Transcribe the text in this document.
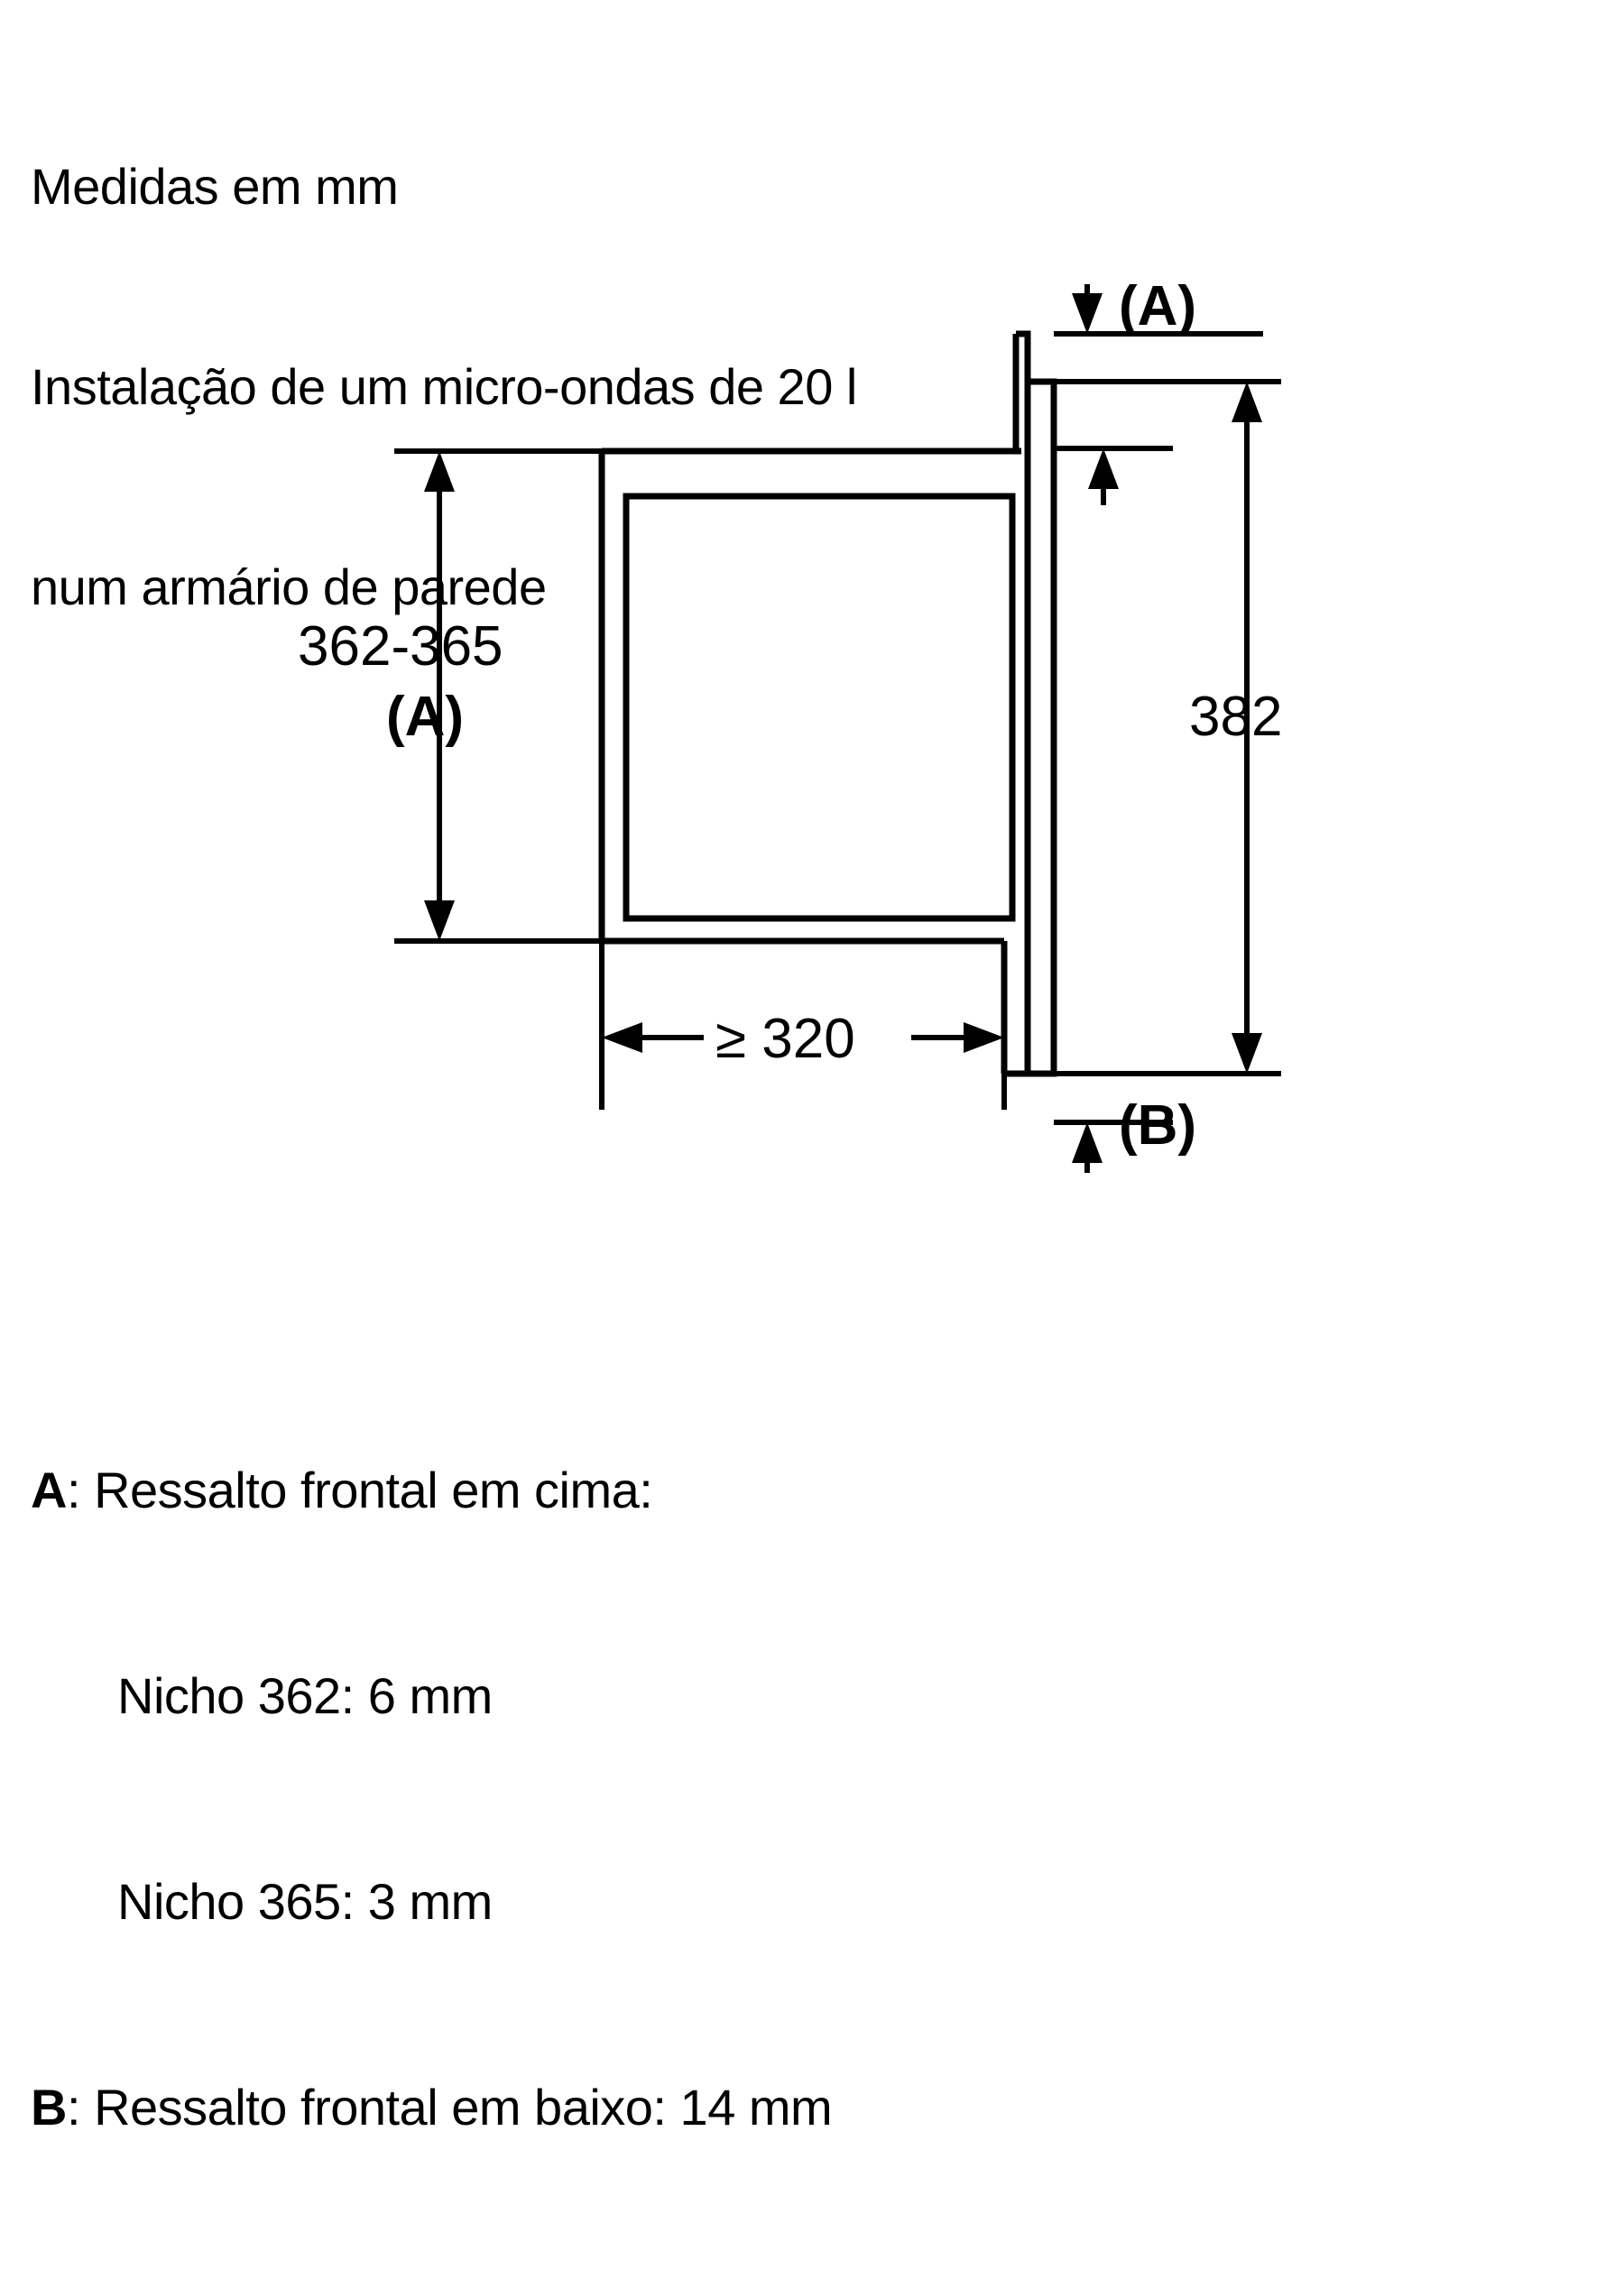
Medidas em mm

Instalação de um micro-ondas de 20 l

num armário de parede

362-365
(A)	382
(A)
(B)
≥ 320

A: Ressalto frontal em cima:

Nicho 362: 6 mm

Nicho 365: 3 mm

B: Ressalto frontal em baixo: 14 mm
